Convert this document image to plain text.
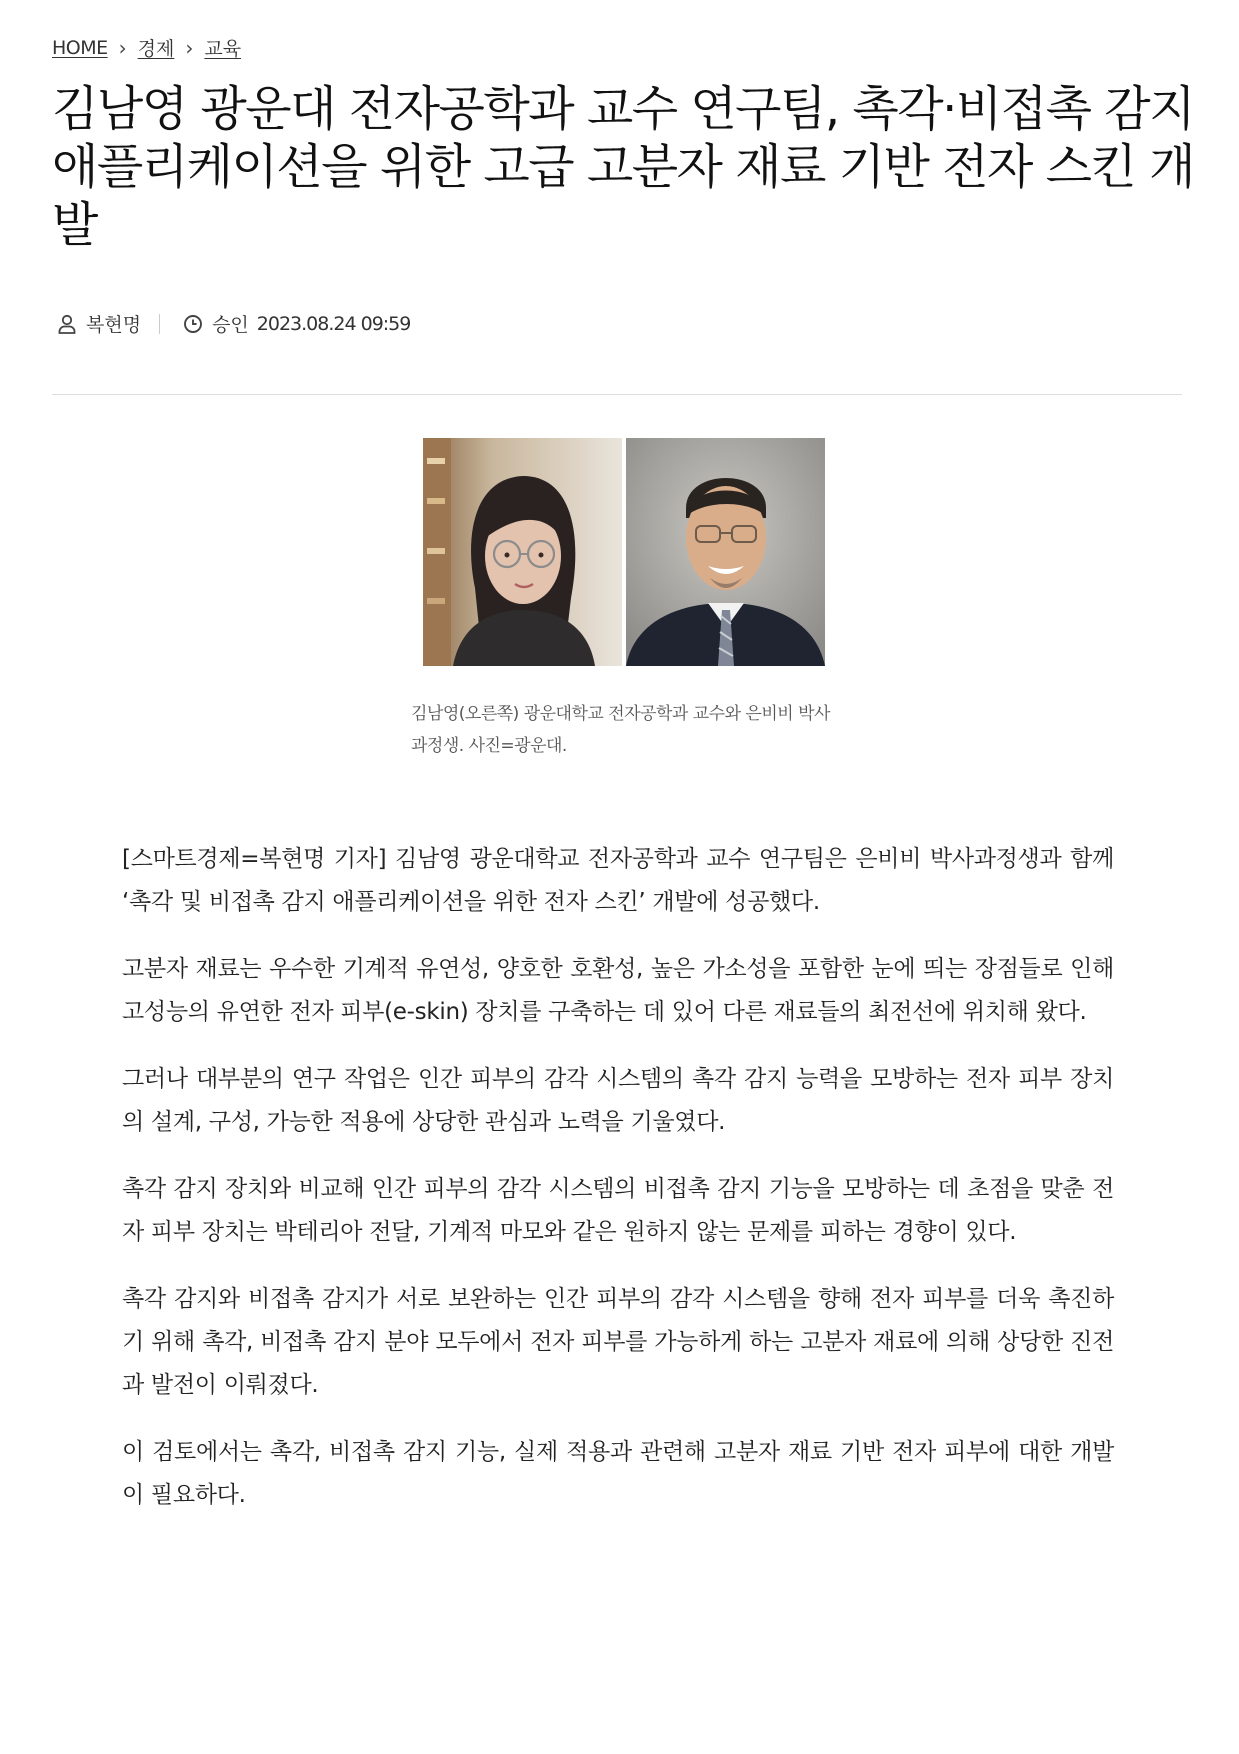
HOME › 경제 › 교육
김남영 광운대 전자공학과 교수 연구팀, 촉각·비접촉 감지 애플리케이션을 위한 고급 고분자 재료 기반 전자 스킨 개발
복현명	승인 2023.08.24 09:59

김남영(오른쪽) 광운대학교 전자공학과 교수와 은비비 박사과정생. 사진=광운대.

[스마트경제=복현명 기자] 김남영 광운대학교 전자공학과 교수 연구팀은 은비비 박사과정생과 함께 ‘촉각 및 비접촉 감지 애플리케이션을 위한 전자 스킨’ 개발에 성공했다.

고분자 재료는 우수한 기계적 유연성, 양호한 호환성, 높은 가소성을 포함한 눈에 띄는 장점들로 인해 고성능의 유연한 전자 피부(e-skin) 장치를 구축하는 데 있어 다른 재료들의 최전선에 위치해 왔다.

그러나 대부분의 연구 작업은 인간 피부의 감각 시스템의 촉각 감지 능력을 모방하는 전자 피부 장치의 설계, 구성, 가능한 적용에 상당한 관심과 노력을 기울였다.

촉각 감지 장치와 비교해 인간 피부의 감각 시스템의 비접촉 감지 기능을 모방하는 데 초점을 맞춘 전자 피부 장치는 박테리아 전달, 기계적 마모와 같은 원하지 않는 문제를 피하는 경향이 있다.

촉각 감지와 비접촉 감지가 서로 보완하는 인간 피부의 감각 시스템을 향해 전자 피부를 더욱 촉진하기 위해 촉각, 비접촉 감지 분야 모두에서 전자 피부를 가능하게 하는 고분자 재료에 의해 상당한 진전과 발전이 이뤄졌다.

이 검토에서는 촉각, 비접촉 감지 기능, 실제 적용과 관련해 고분자 재료 기반 전자 피부에 대한 개발이 필요하다.
